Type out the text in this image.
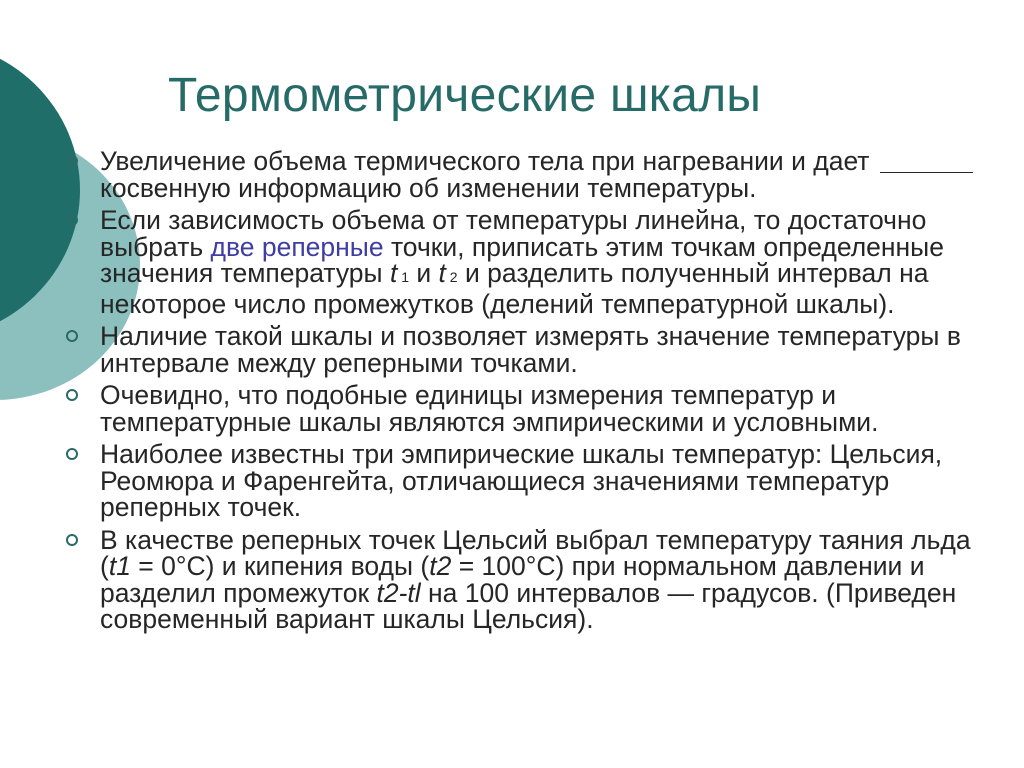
Термометрические шкалы
Увеличение объема термического тела при нагревании и дает косвенную информацию об изменении температуры.
Если зависимость объема от температуры линейна, то достаточно выбрать две реперные точки, приписать этим точкам определенные значения температуры t 1 и t 2 и разделить полученный интервал на некоторое число промежутков (делений температурной шкалы).
Наличие такой шкалы и позволяет измерять значение температуры в интервале между реперными точками.
Очевидно, что подобные единицы измерения температур и температурные шкалы являются эмпирическими и условными.
Наиболее известны три эмпирические шкалы температур: Цельсия, Реомюра и Фаренгейта, отличающиеся значениями температур реперных точек.
В качестве реперных точек Цельсий выбрал температуру таяния льда (t1 = 0°С) и кипения воды (t2 = 100°С) при нормальном давлении и разделил промежуток t2-tl на 100 интервалов — градусов. (Приведен современный вариант шкалы Цельсия).
